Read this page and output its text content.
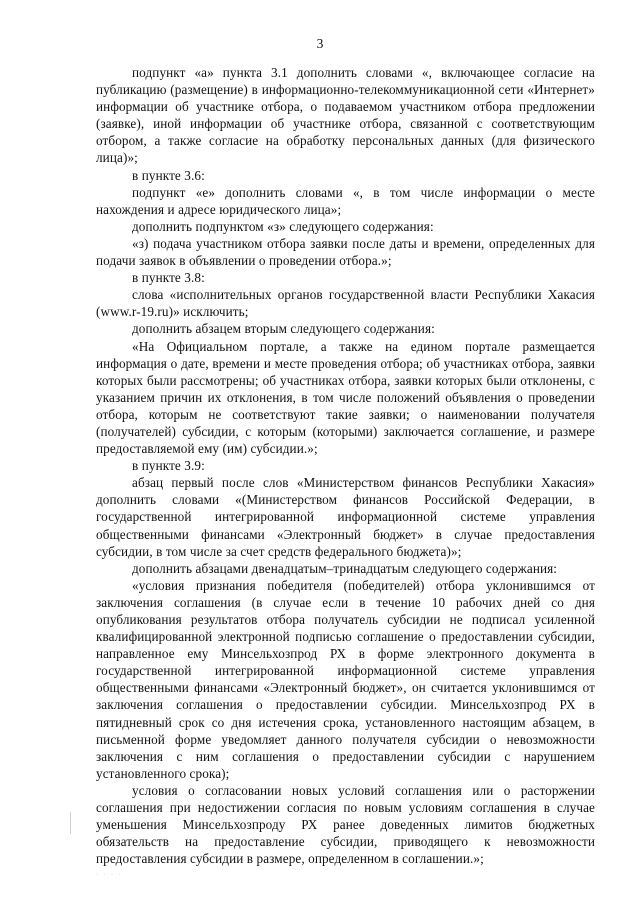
3

подпункт «а» пункта 3.1 дополнить словами «, включающее согласие на публикацию (размещение) в информационно-телекоммуникационной сети «Интернет» информации об участнике отбора, о подаваемом участником отбора предложении (заявке), иной информации об участнике отбора, связанной с соответствующим отбором, а также согласие на обработку персональных данных (для физического лица)»;

в пункте 3.6:

подпункт «е» дополнить словами «, в том числе информации о месте нахождения и адресе юридического лица»;

дополнить подпунктом «з» следующего содержания:

«з) подача участником отбора заявки после даты и времени, определенных для подачи заявок в объявлении о проведении отбора.»;

в пункте 3.8:

слова «исполнительных органов государственной власти Республики Хакасия (www.r-19.ru)» исключить;

дополнить абзацем вторым следующего содержания:

«На Официальном портале, а также на едином портале размещается информация о дате, времени и месте проведения отбора; об участниках отбора, заявки которых были рассмотрены; об участниках отбора, заявки которых были отклонены, с указанием причин их отклонения, в том числе положений объявления о проведении отбора, которым не соответствуют такие заявки; о наименовании получателя (получателей) субсидии, с которым (которыми) заключается соглашение, и размере предоставляемой ему (им) субсидии.»;

в пункте 3.9:

абзац первый после слов «Министерством финансов Республики Хакасия» дополнить словами «(Министерством финансов Российской Федерации, в государственной интегрированной информационной системе управления общественными финансами «Электронный бюджет» в случае предоставления субсидии, в том числе за счет средств федерального бюджета)»;

дополнить абзацами двенадцатым–тринадцатым следующего содержания:

«условия признания победителя (победителей) отбора уклонившимся от заключения соглашения (в случае если в течение 10 рабочих дней со дня опубликования результатов отбора получатель субсидии не подписал усиленной квалифицированной электронной подписью соглашение о предоставлении субсидии, направленное ему Минсельхозпрод РХ в форме электронного документа в государственной интегрированной информационной системе управления общественными финансами «Электронный бюджет», он считается уклонившимся от заключения соглашения о предоставлении субсидии. Минсельхозпрод РХ в пятидневный срок со дня истечения срока, установленного настоящим абзацем, в письменной форме уведомляет данного получателя субсидии о невозможности заключения с ним соглашения о предоставлении субсидии с нарушением установленного срока);

условия о согласовании новых условий соглашения или о расторжении соглашения при недостижении согласия по новым условиям соглашения в случае уменьшения Минсельхозпроду РХ ранее доведенных лимитов бюджетных обязательств на предоставление субсидии, приводящего к невозможности предоставления субсидии в размере, определенном в соглашении.»;

· · · ·
